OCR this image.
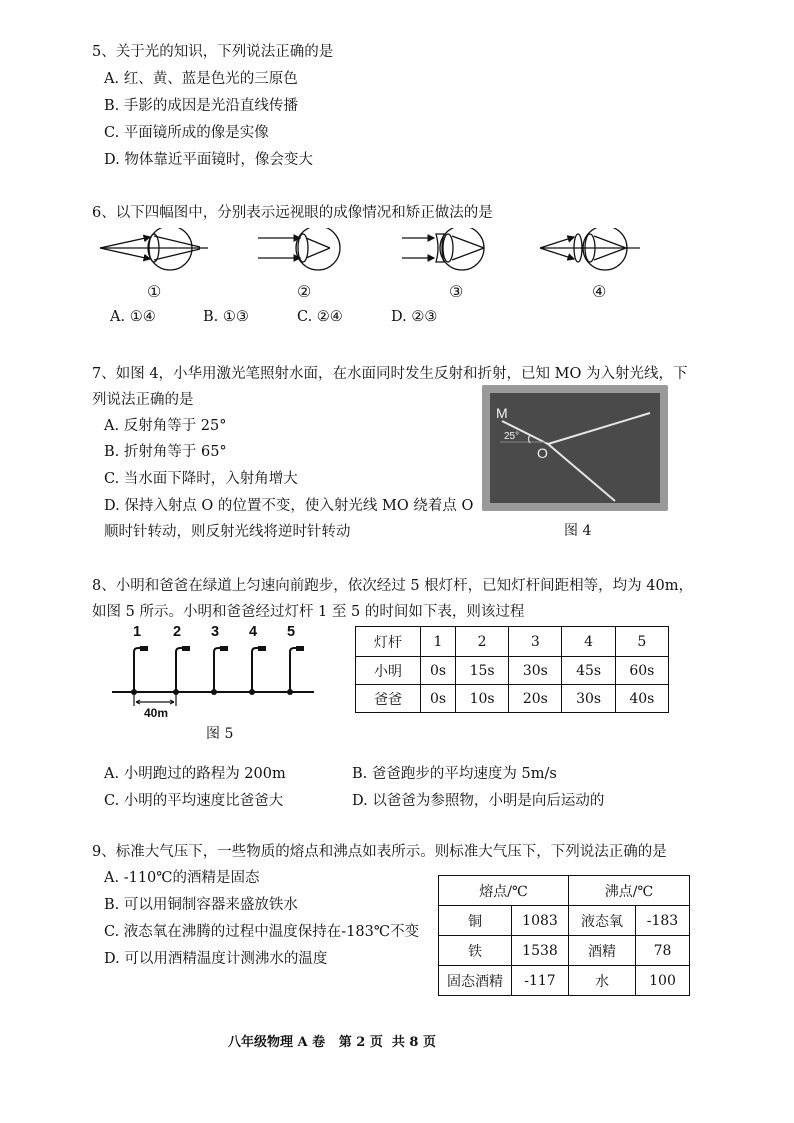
5、关于光的知识，下列说法正确的是
A. 红、黄、蓝是色光的三原色
B. 手影的成因是光沿直线传播
C. 平面镜所成的像是实像
D. 物体靠近平面镜时，像会变大
6、以下四幅图中，分别表示远视眼的成像情况和矫正做法的是
①	②	③	④
A. ①④	B. ①③	C. ②④	D. ②③
7、如图 4，小华用激光笔照射水面，在水面同时发生反射和折射，已知 MO 为入射光线，下
列说法正确的是
A. 反射角等于 25°
B. 折射角等于 65°
C. 当水面下降时，入射角增大
D. 保持入射点 O 的位置不变，使入射光线 MO 绕着点 O
顺时针转动，则反射光线将逆时针转动
M
25°
O
图 4
8、小明和爸爸在绿道上匀速向前跑步，依次经过 5 根灯杆，已知灯杆间距相等，均为 40m，
如图 5 所示。小明和爸爸经过灯杆 1 至 5 的时间如下表，则该过程
1 2 3 4 5
40m
图 5
灯杆	1	2	3	4	5
小明	0s	15s	30s	45s	60s
爸爸	0s	10s	20s	30s	40s
A. 小明跑过的路程为 200m	B. 爸爸跑步的平均速度为 5m/s
C. 小明的平均速度比爸爸大	D. 以爸爸为参照物，小明是向后运动的
9、标准大气压下，一些物质的熔点和沸点如表所示。则标准大气压下，下列说法正确的是
A. -110℃的酒精是固态
B. 可以用铜制容器来盛放铁水
C. 液态氧在沸腾的过程中温度保持在-183℃不变
D. 可以用酒精温度计测沸水的温度
熔点/℃		沸点/℃	
铜	1083	液态氧	-183
铁	1538	酒精	78
固态酒精	-117	水	100
八年级物理 A 卷   第 2 页  共 8 页
